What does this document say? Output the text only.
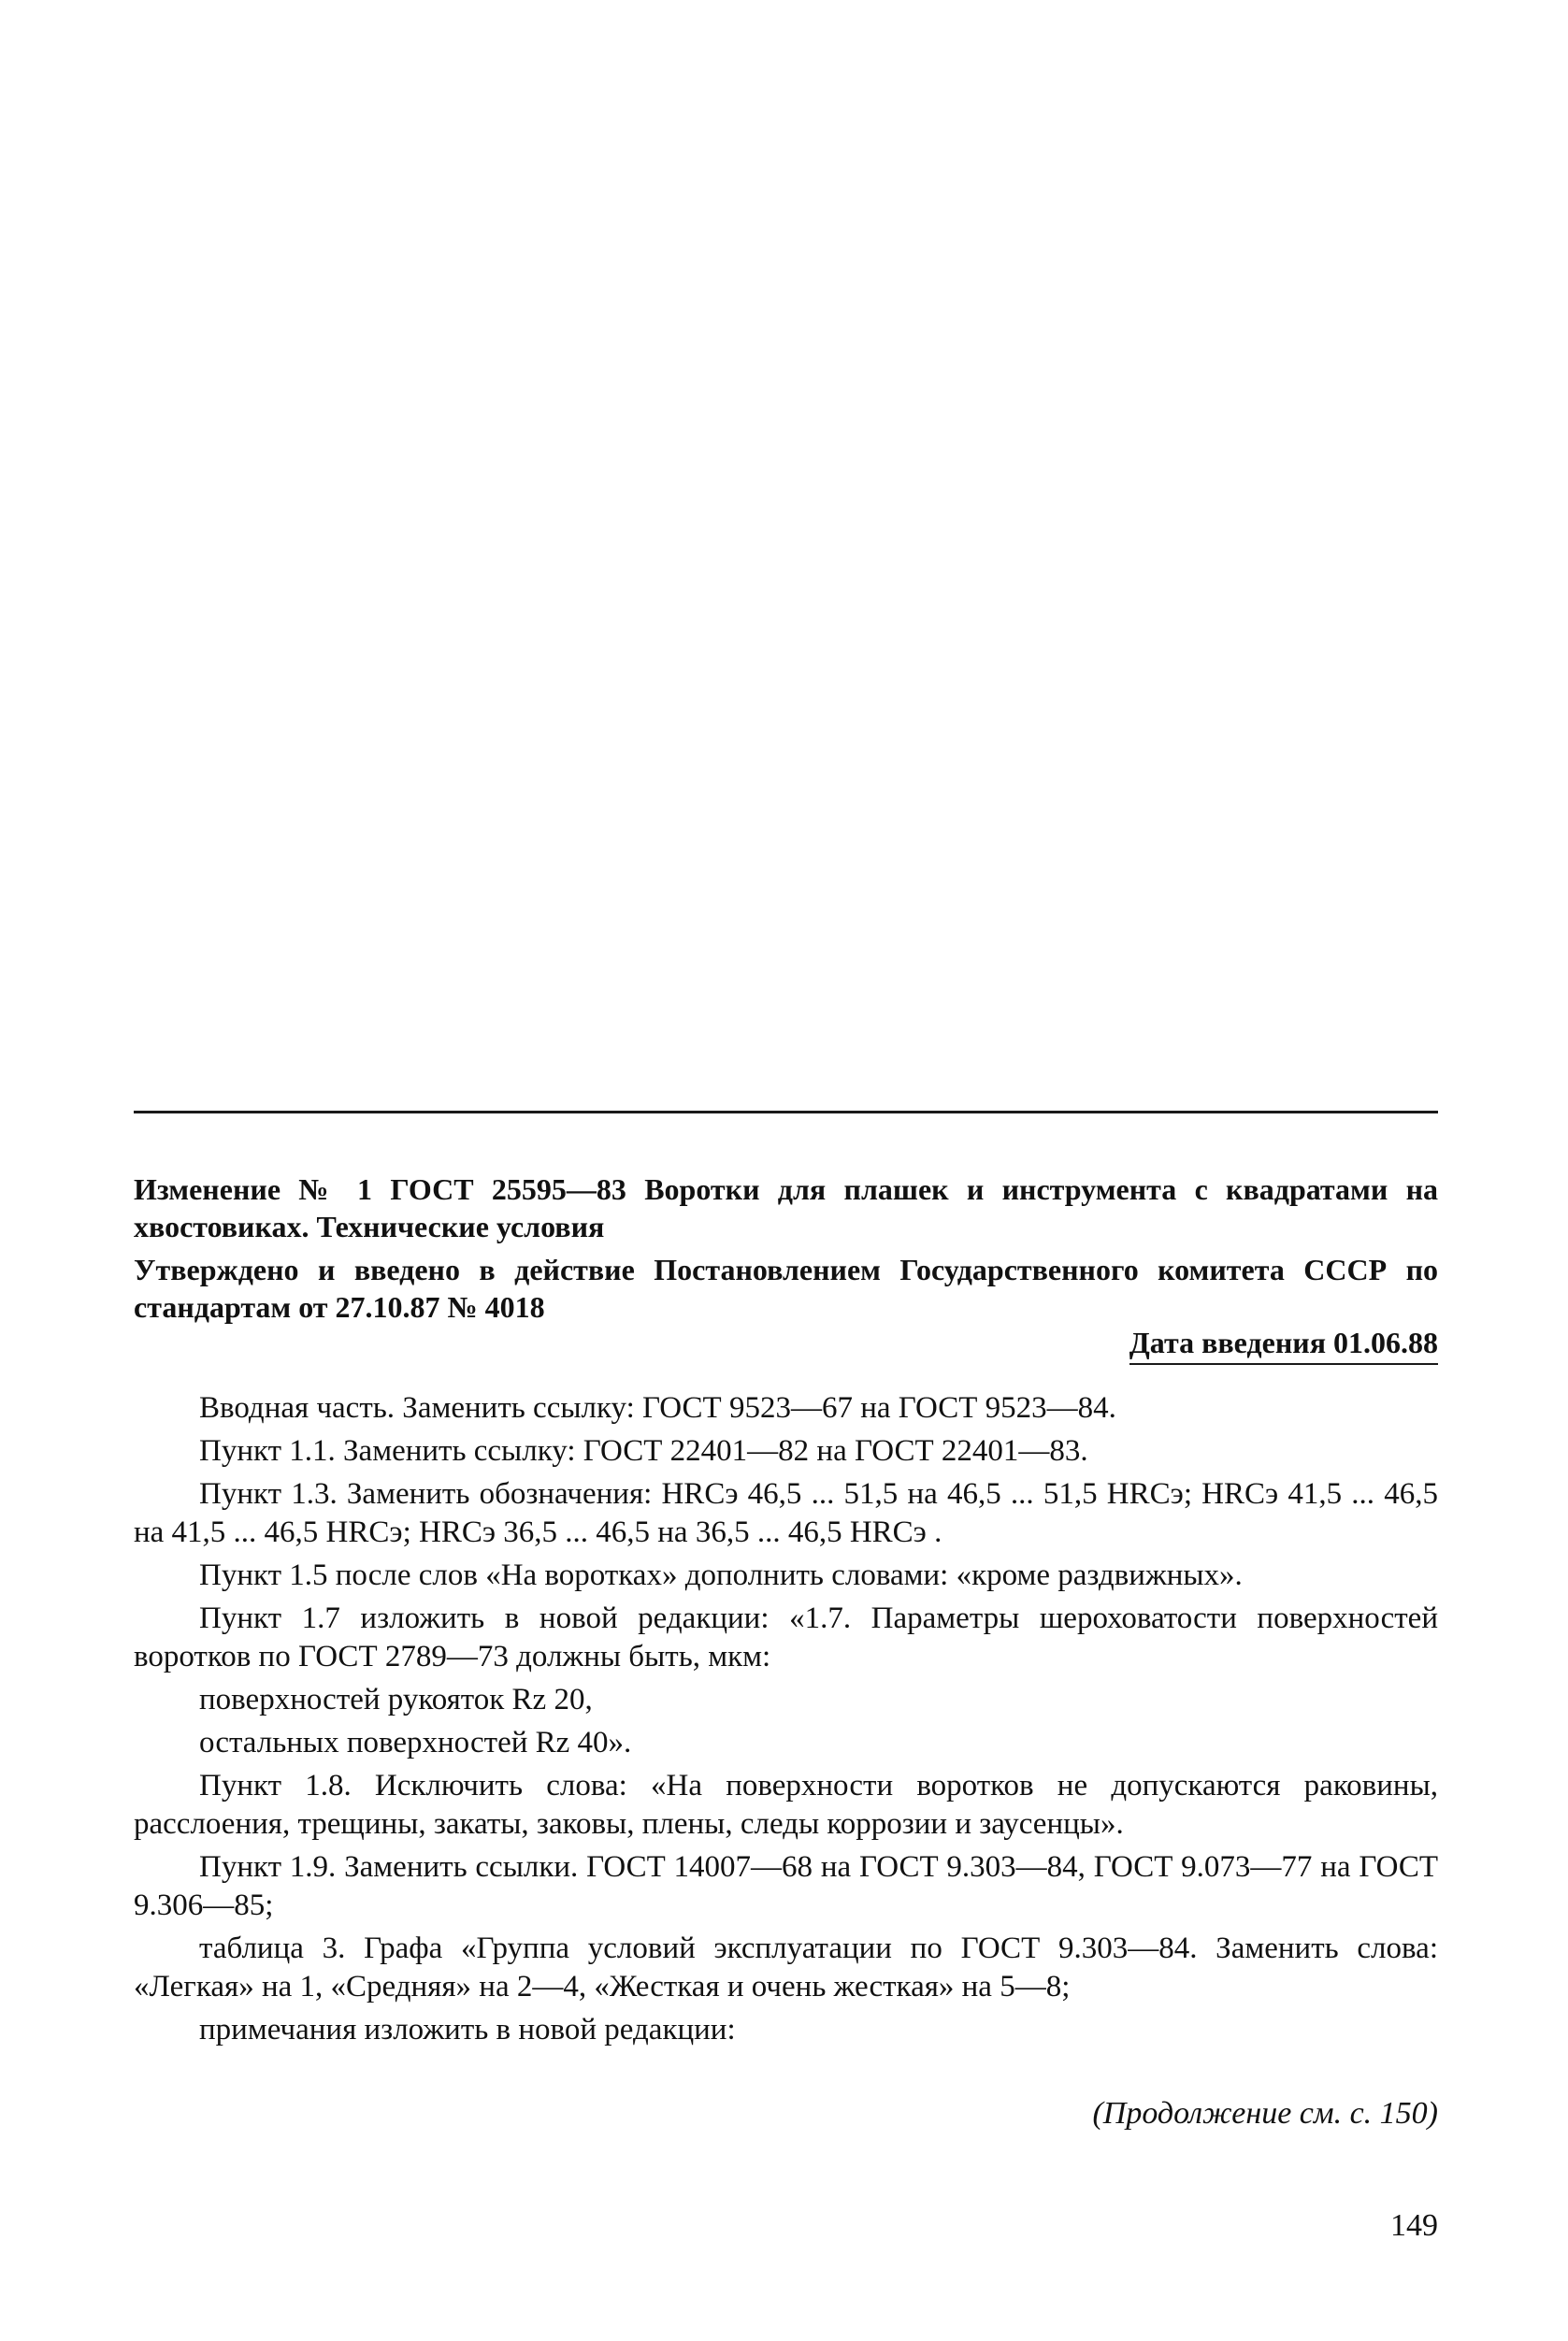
Изменение № 1 ГОСТ 25595—83 Воротки для плашек и инструмента с квадратами на хвостовиках. Технические условия
Утверждено и введено в действие Постановлением Государственного комитета СССР по стандартам от 27.10.87 № 4018
Дата введения 01.06.88

Вводная часть. Заменить ссылку: ГОСТ 9523—67 на ГОСТ 9523—84.

Пункт 1.1. Заменить ссылку: ГОСТ 22401—82 на ГОСТ 22401—83.

Пункт 1.3. Заменить обозначения: HRCэ 46,5 ... 51,5 на 46,5 ... 51,5 HRCэ; HRCэ 41,5 ... 46,5 на 41,5 ... 46,5 HRCэ; HRCэ 36,5 ... 46,5 на 36,5 ... 46,5 HRCэ .

Пункт 1.5 после слов «На воротках» дополнить словами: «кроме раздвижных».

Пункт 1.7 изложить в новой редакции: «1.7. Параметры шероховатости поверхностей воротков по ГОСТ 2789—73 должны быть, мкм:

поверхностей рукояток Rz 20,

остальных поверхностей Rz 40».

Пункт 1.8. Исключить слова: «На поверхности воротков не допускаются раковины, расслоения, трещины, закаты, заковы, плены, следы коррозии и заусенцы».

Пункт 1.9. Заменить ссылки. ГОСТ 14007—68 на ГОСТ 9.303—84, ГОСТ 9.073—77 на ГОСТ 9.306—85;

таблица 3. Графа «Группа условий эксплуатации по ГОСТ 9.303—84. Заменить слова: «Легкая» на 1, «Средняя» на 2—4, «Жесткая и очень жесткая» на 5—8;

примечания изложить в новой редакции:

(Продолжение см. с. 150)
149
